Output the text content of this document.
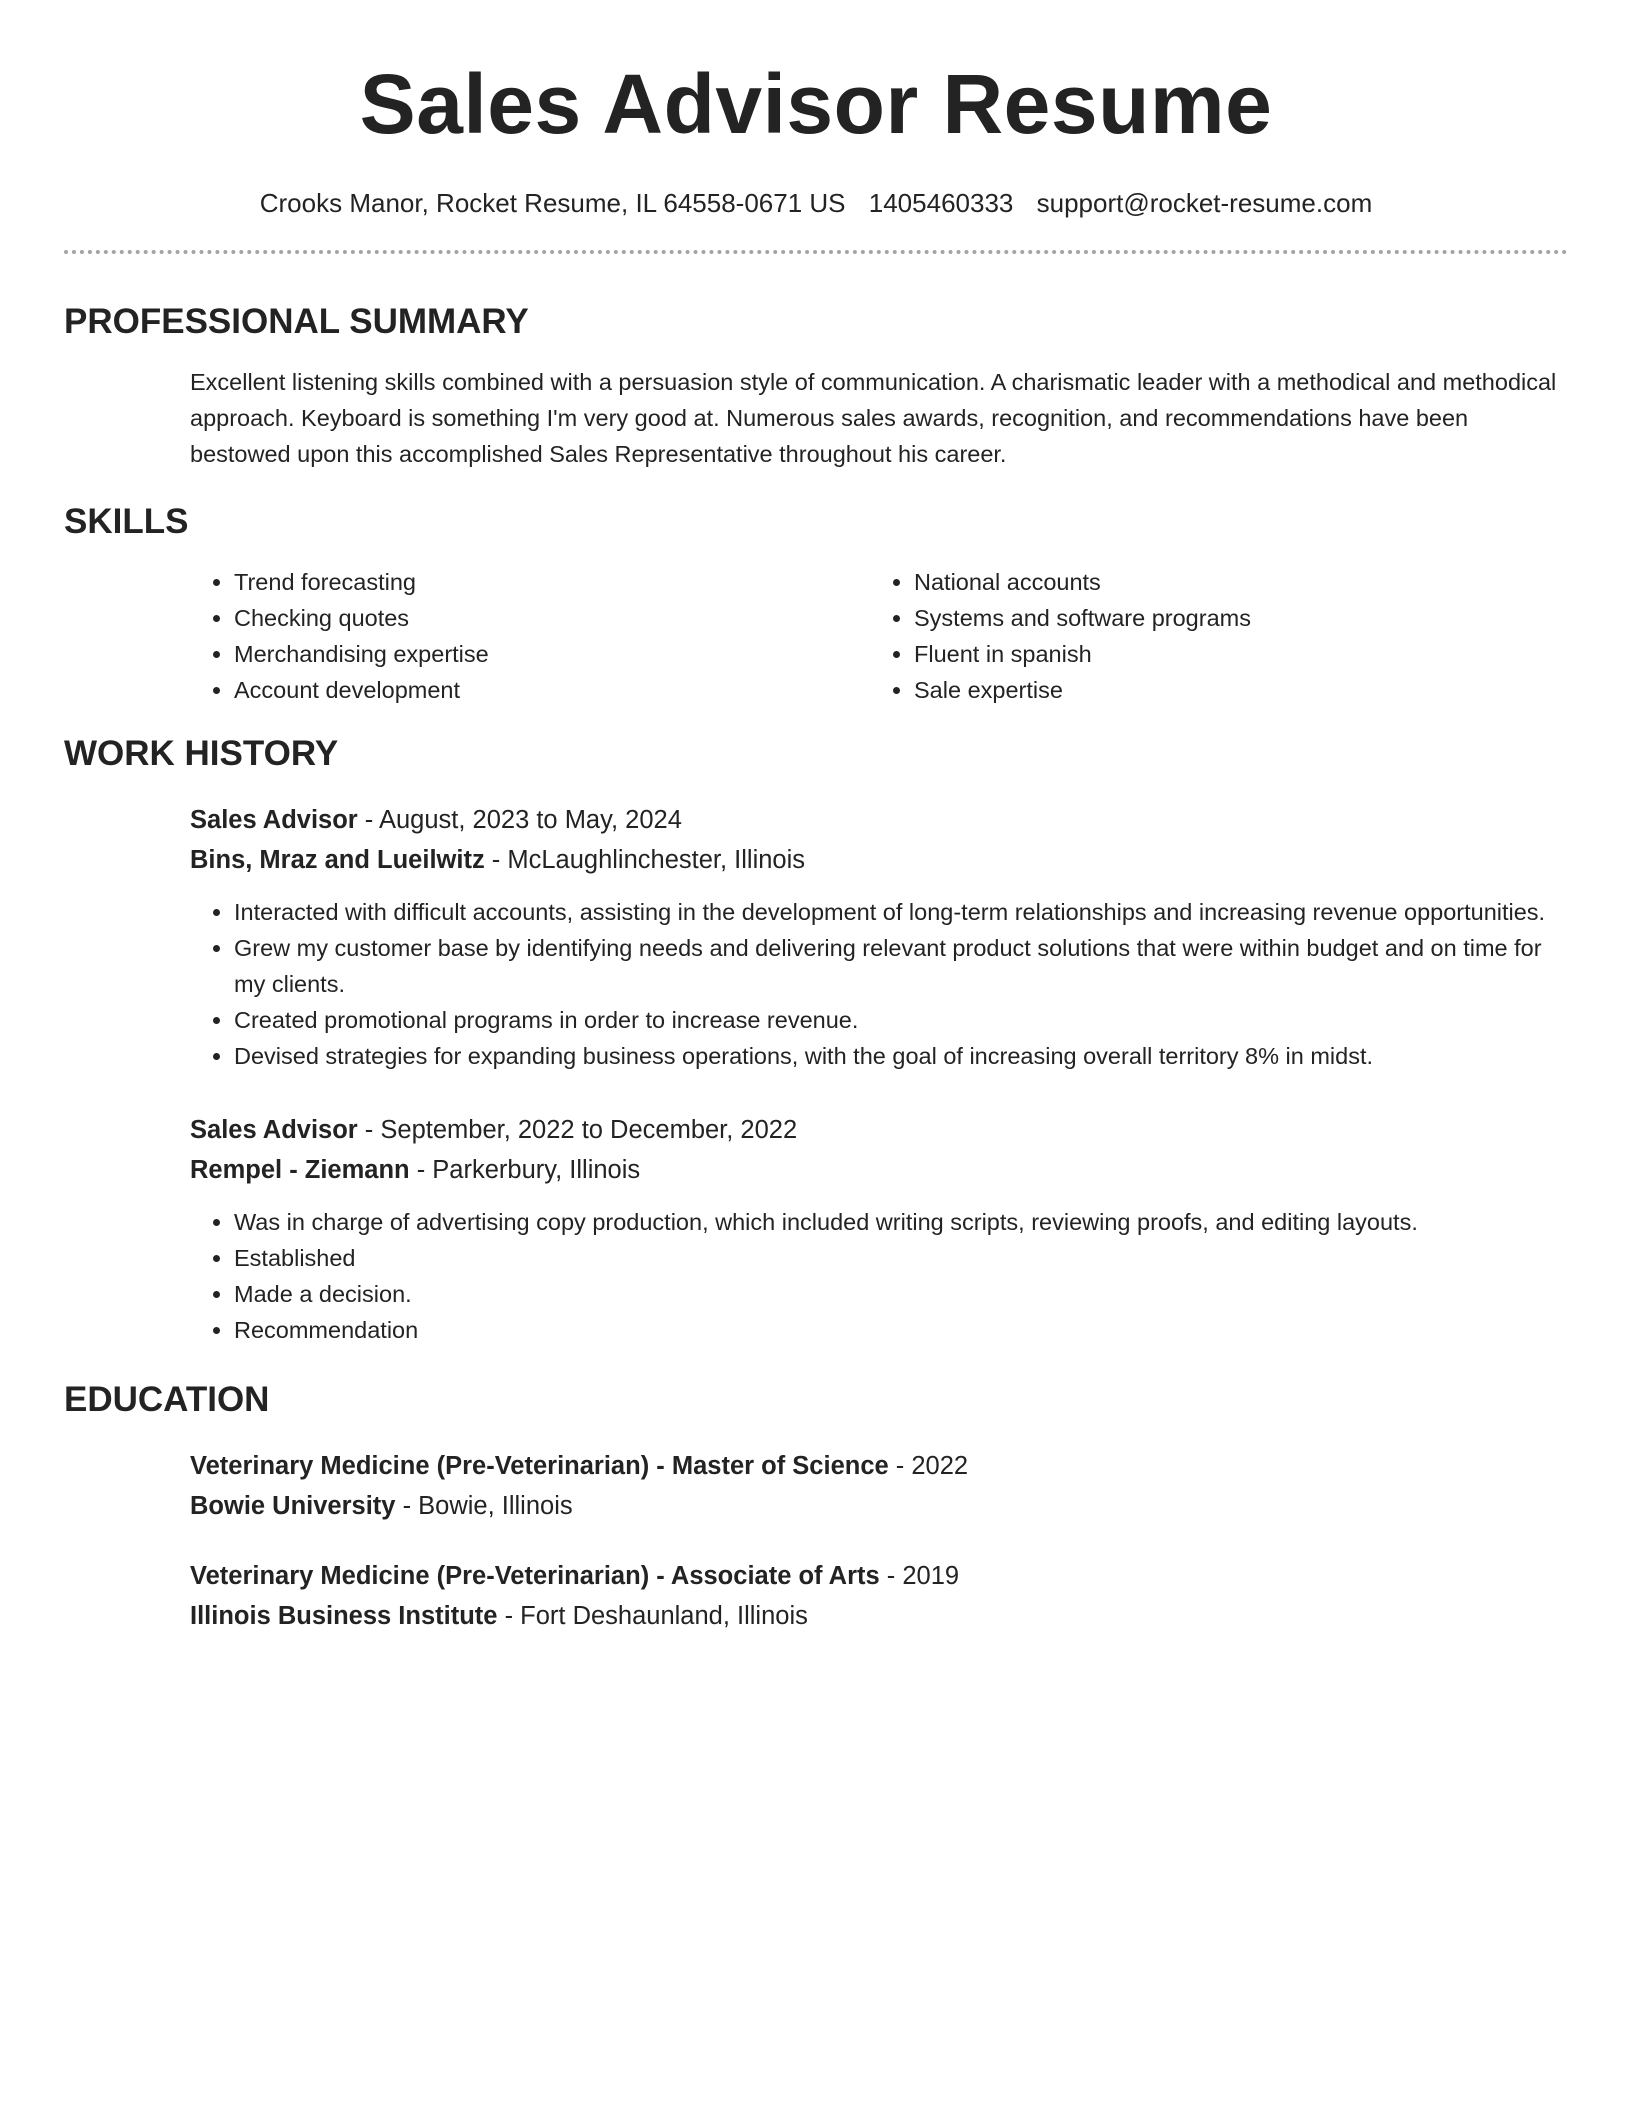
Sales Advisor Resume
Crooks Manor, Rocket Resume, IL 64558-0671 US 1405460333 support@rocket-resume.com
PROFESSIONAL SUMMARY
Excellent listening skills combined with a persuasion style of communication. A charismatic leader with a methodical and methodical approach. Keyboard is something I'm very good at. Numerous sales awards, recognition, and recommendations have been bestowed upon this accomplished Sales Representative throughout his career.
SKILLS
• Trend forecasting
• Checking quotes
• Merchandising expertise
• Account development
• National accounts
• Systems and software programs
• Fluent in spanish
• Sale expertise
WORK HISTORY
Sales Advisor - August, 2023 to May, 2024
Bins, Mraz and Lueilwitz - McLaughlinchester, Illinois
• Interacted with difficult accounts, assisting in the development of long-term relationships and increasing revenue opportunities.
• Grew my customer base by identifying needs and delivering relevant product solutions that were within budget and on time for my clients.
• Created promotional programs in order to increase revenue.
• Devised strategies for expanding business operations, with the goal of increasing overall territory 8% in midst.
Sales Advisor - September, 2022 to December, 2022
Rempel - Ziemann - Parkerbury, Illinois
• Was in charge of advertising copy production, which included writing scripts, reviewing proofs, and editing layouts.
• Established
• Made a decision.
• Recommendation
EDUCATION
Veterinary Medicine (Pre-Veterinarian) - Master of Science - 2022
Bowie University - Bowie, Illinois
Veterinary Medicine (Pre-Veterinarian) - Associate of Arts - 2019
Illinois Business Institute - Fort Deshaunland, Illinois
